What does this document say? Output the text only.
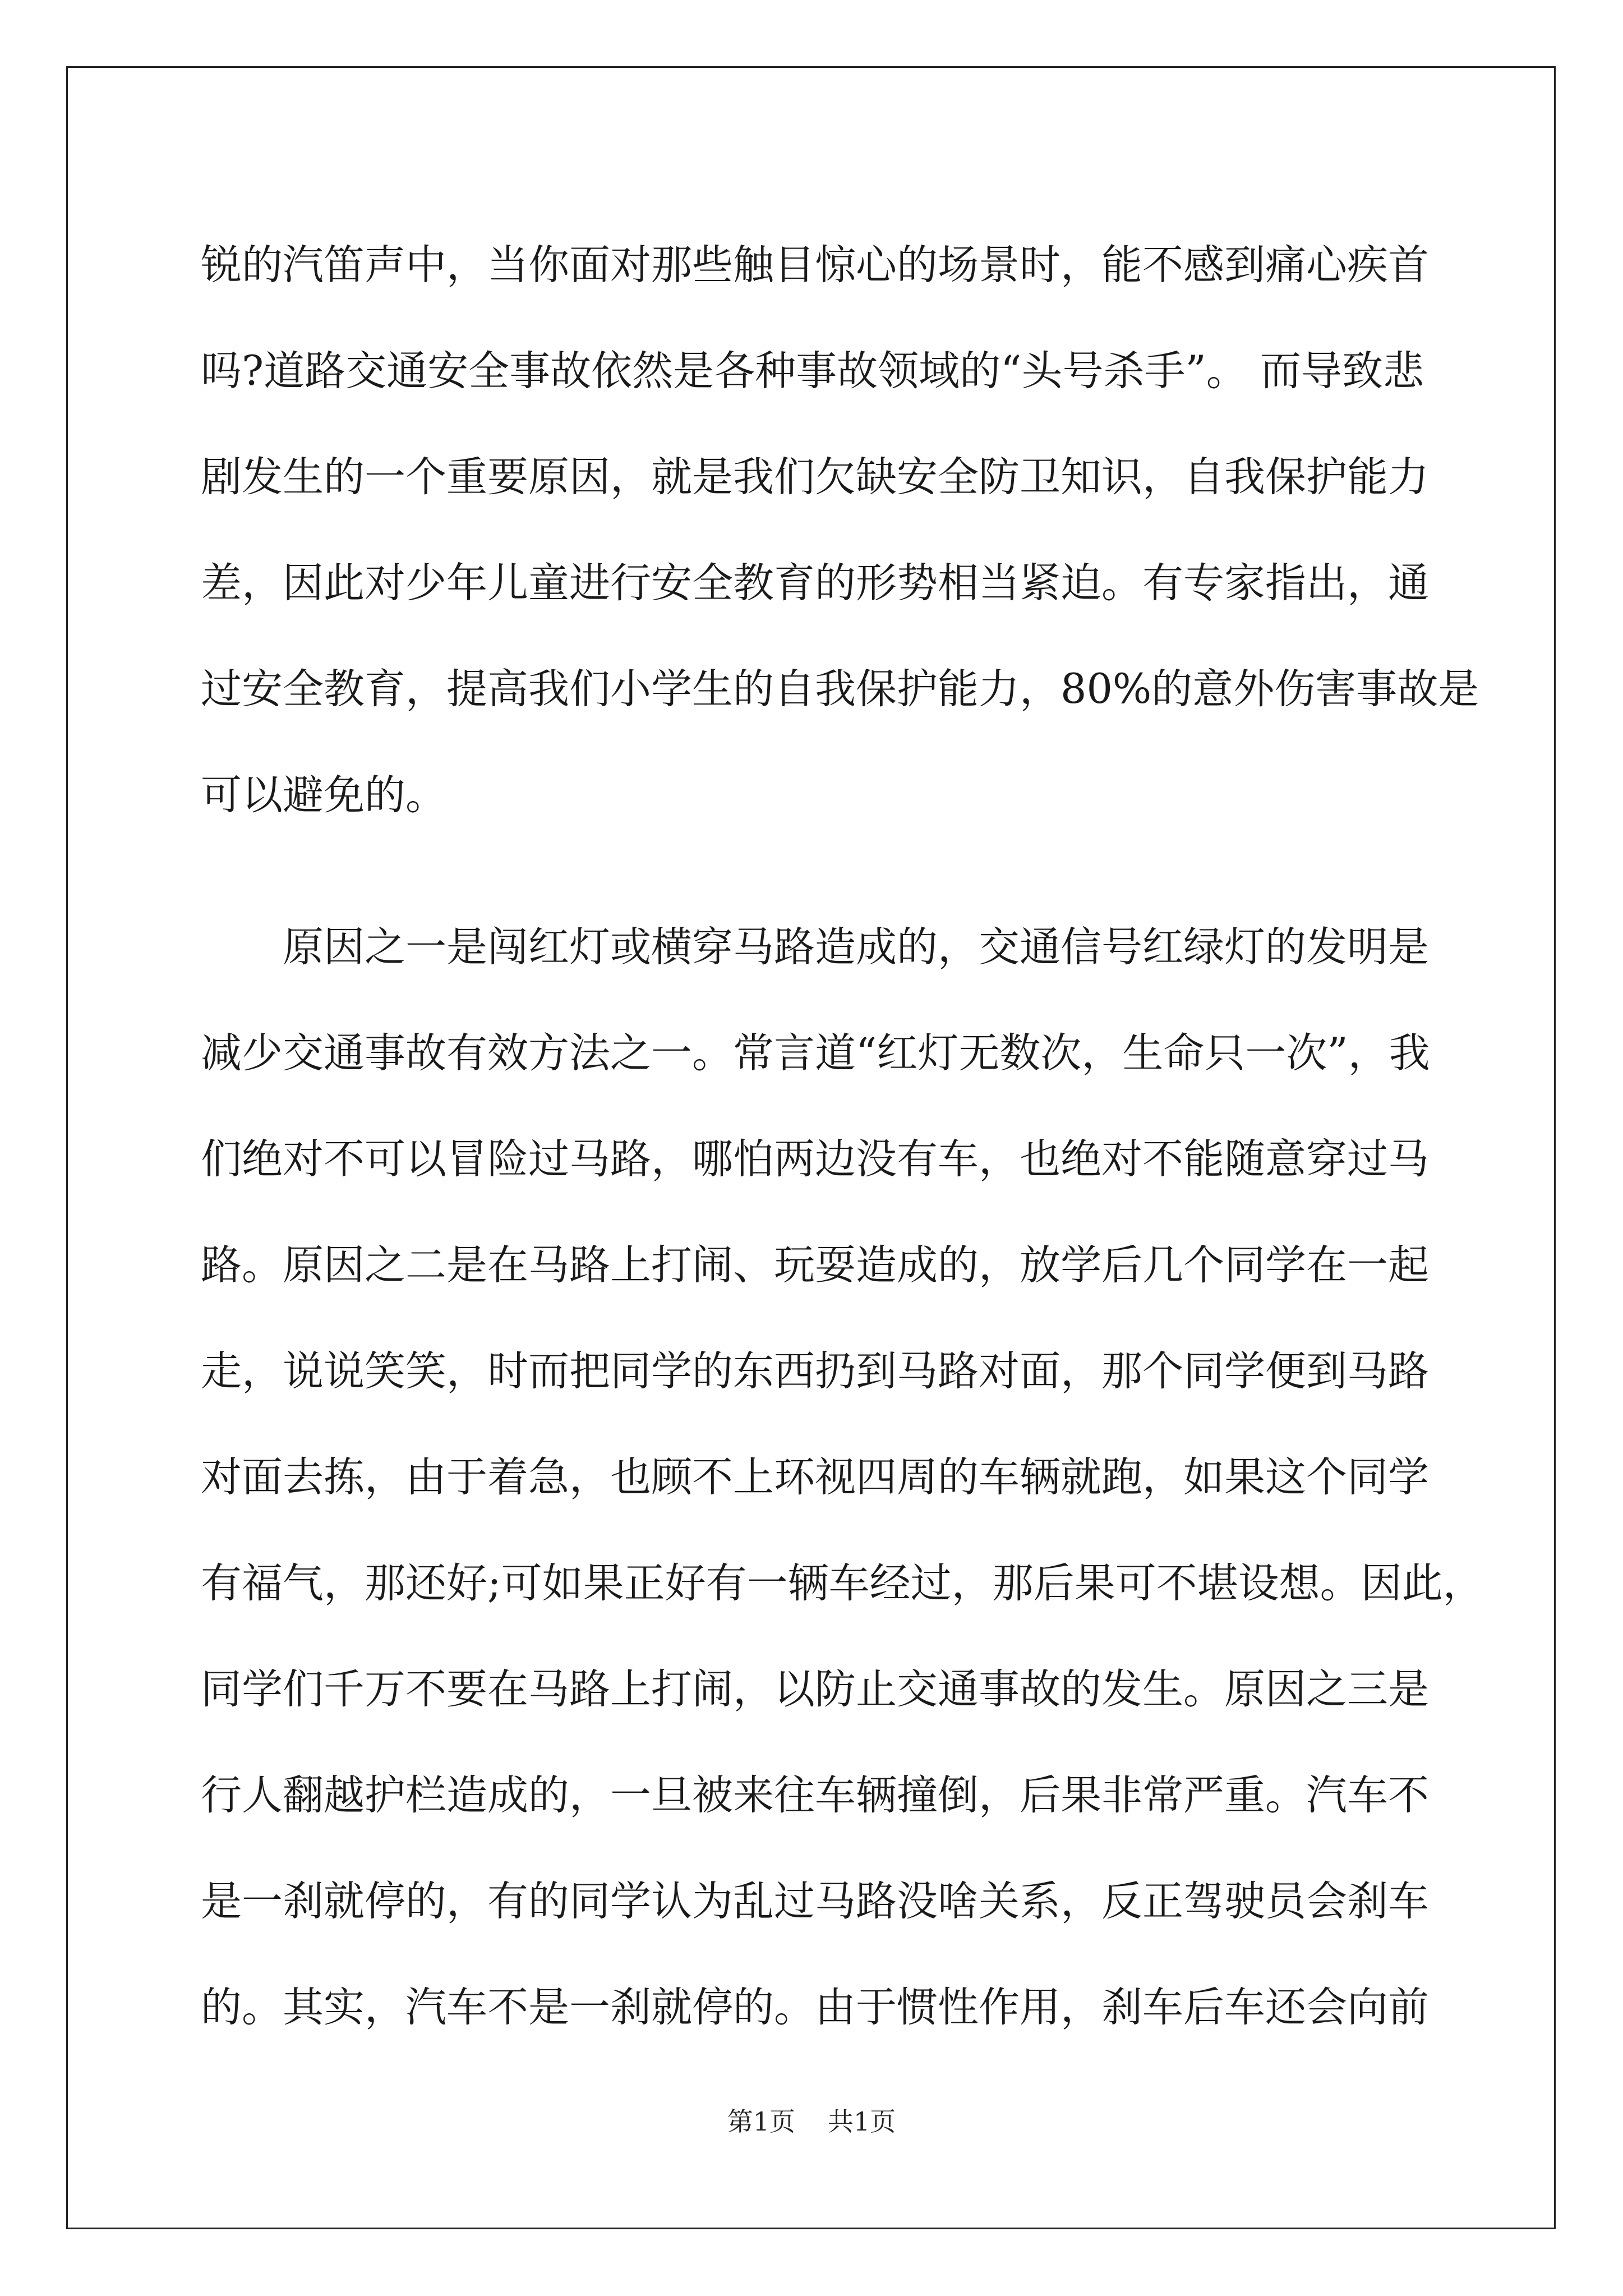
锐的汽笛声中，当你面对那些触目惊心的场景时，能不感到痛心疾首
吗?道路交通安全事故依然是各种事故领域的“头号杀手”。 而导致悲
剧发生的一个重要原因，就是我们欠缺安全防卫知识，自我保护能力
差，因此对少年儿童进行安全教育的形势相当紧迫。有专家指出，通
过安全教育，提高我们小学生的自我保护能力，80%的意外伤害事故是
可以避免的。
原因之一是闯红灯或横穿马路造成的，交通信号红绿灯的发明是
减少交通事故有效方法之一。常言道“红灯无数次，生命只一次”，我
们绝对不可以冒险过马路，哪怕两边没有车，也绝对不能随意穿过马
路。原因之二是在马路上打闹、玩耍造成的，放学后几个同学在一起
走，说说笑笑，时而把同学的东西扔到马路对面，那个同学便到马路
对面去拣，由于着急，也顾不上环视四周的车辆就跑，如果这个同学
有福气，那还好;可如果正好有一辆车经过，那后果可不堪设想。因此，
同学们千万不要在马路上打闹，以防止交通事故的发生。原因之三是
行人翻越护栏造成的，一旦被来往车辆撞倒，后果非常严重。汽车不
是一刹就停的，有的同学认为乱过马路没啥关系，反正驾驶员会刹车
的。其实，汽车不是一刹就停的。由于惯性作用，刹车后车还会向前
第1页 共1页
